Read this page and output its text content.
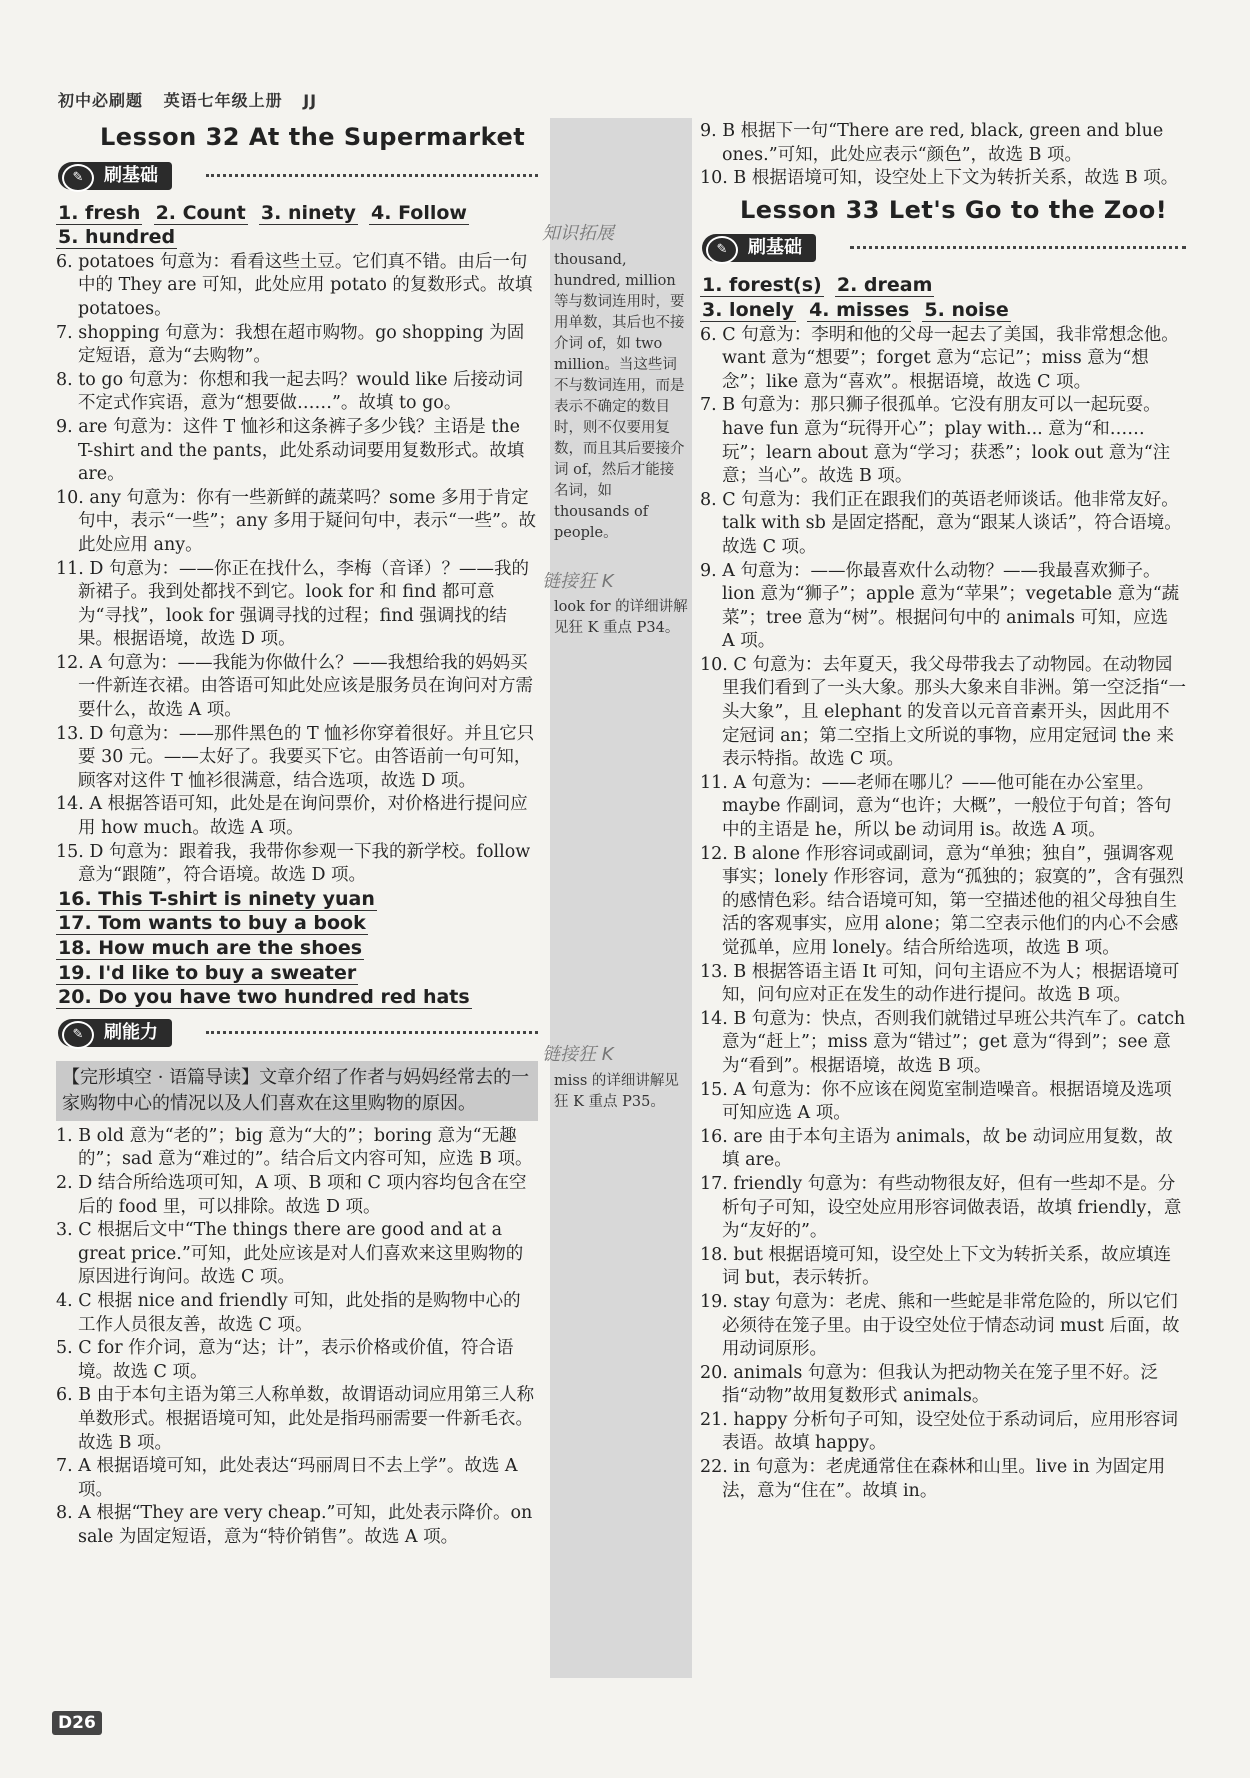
初中必刷题 英语七年级上册 JJ
Lesson 32 At the Supermarket
✎	刷基础
1. fresh 2. Count 3. ninety 4. Follow
5. hundred
6. potatoes 句意为：看看这些土豆。它们真不错。由后一句中的 They are 可知，此处应用 potato 的复数形式。故填 potatoes。
7. shopping 句意为：我想在超市购物。go shopping 为固定短语，意为“去购物”。
8. to go 句意为：你想和我一起去吗？would like 后接动词不定式作宾语，意为“想要做……”。故填 to go。
9. are 句意为：这件 T 恤衫和这条裤子多少钱？主语是 the T-shirt and the pants，此处系动词要用复数形式。故填 are。
10. any 句意为：你有一些新鲜的蔬菜吗？some 多用于肯定句中，表示“一些”；any 多用于疑问句中，表示“一些”。故此处应用 any。
11. D 句意为：——你正在找什么，李梅（音译）？——我的新裙子。我到处都找不到它。look for 和 find 都可意为“寻找”，look for 强调寻找的过程；find 强调找的结果。根据语境，故选 D 项。
12. A 句意为：——我能为你做什么？——我想给我的妈妈买一件新连衣裙。由答语可知此处应该是服务员在询问对方需要什么，故选 A 项。
13. D 句意为：——那件黑色的 T 恤衫你穿着很好。并且它只要 30 元。——太好了。我要买下它。由答语前一句可知，顾客对这件 T 恤衫很满意，结合选项，故选 D 项。
14. A 根据答语可知，此处是在询问票价，对价格进行提问应用 how much。故选 A 项。
15. D 句意为：跟着我，我带你参观一下我的新学校。follow 意为“跟随”，符合语境。故选 D 项。
16. This T-shirt is ninety yuan
17. Tom wants to buy a book
18. How much are the shoes
19. I'd like to buy a sweater
20. Do you have two hundred red hats
✎	刷能力
【完形填空 · 语篇导读】文章介绍了作者与妈妈经常去的一家购物中心的情况以及人们喜欢在这里购物的原因。
1. B old 意为“老的”；big 意为“大的”；boring 意为“无趣的”；sad 意为“难过的”。结合后文内容可知，应选 B 项。
2. D 结合所给选项可知，A 项、B 项和 C 项内容均包含在空后的 food 里，可以排除。故选 D 项。
3. C 根据后文中“The things there are good and at a great price.”可知，此处应该是对人们喜欢来这里购物的原因进行询问。故选 C 项。
4. C 根据 nice and friendly 可知，此处指的是购物中心的工作人员很友善，故选 C 项。
5. C for 作介词，意为“达；计”，表示价格或价值，符合语境。故选 C 项。
6. B 由于本句主语为第三人称单数，故谓语动词应用第三人称单数形式。根据语境可知，此处是指玛丽需要一件新毛衣。故选 B 项。
7. A 根据语境可知，此处表达“玛丽周日不去上学”。故选 A 项。
8. A 根据“They are very cheap.”可知，此处表示降价。on sale 为固定短语，意为“特价销售”。故选 A 项。
知识拓展
thousand, hundred, million 等与数词连用时，要用单数，其后也不接介词 of，如 two million。当这些词不与数词连用，而是表示不确定的数目时，则不仅要用复数，而且其后要接介词 of，然后才能接名词，如 thousands of people。
链接狂 K
look for 的详细讲解见狂 K 重点 P34。
链接狂 K
miss 的详细讲解见狂 K 重点 P35。
9. B 根据下一句“There are red, black, green and blue ones.”可知，此处应表示“颜色”，故选 B 项。
10. B 根据语境可知，设空处上下文为转折关系，故选 B 项。
Lesson 33 Let's Go to the Zoo!
✎	刷基础
1. forest(s) 2. dream
3. lonely 4. misses 5. noise
6. C 句意为：李明和他的父母一起去了美国，我非常想念他。want 意为“想要”；forget 意为“忘记”；miss 意为“想念”；like 意为“喜欢”。根据语境，故选 C 项。
7. B 句意为：那只狮子很孤单。它没有朋友可以一起玩耍。have fun 意为“玩得开心”；play with... 意为“和……玩”；learn about 意为“学习；获悉”；look out 意为“注意；当心”。故选 B 项。
8. C 句意为：我们正在跟我们的英语老师谈话。他非常友好。talk with sb 是固定搭配，意为“跟某人谈话”，符合语境。故选 C 项。
9. A 句意为：——你最喜欢什么动物？——我最喜欢狮子。lion 意为“狮子”；apple 意为“苹果”；vegetable 意为“蔬菜”；tree 意为“树”。根据问句中的 animals 可知，应选 A 项。
10. C 句意为：去年夏天，我父母带我去了动物园。在动物园里我们看到了一头大象。那头大象来自非洲。第一空泛指“一头大象”，且 elephant 的发音以元音音素开头，因此用不定冠词 an；第二空指上文所说的事物，应用定冠词 the 来表示特指。故选 C 项。
11. A 句意为：——老师在哪儿？——他可能在办公室里。maybe 作副词，意为“也许；大概”，一般位于句首；答句中的主语是 he，所以 be 动词用 is。故选 A 项。
12. B alone 作形容词或副词，意为“单独；独自”，强调客观事实；lonely 作形容词，意为“孤独的；寂寞的”，含有强烈的感情色彩。结合语境可知，第一空描述他的祖父母独自生活的客观事实，应用 alone；第二空表示他们的内心不会感觉孤单，应用 lonely。结合所给选项，故选 B 项。
13. B 根据答语主语 It 可知，问句主语应不为人；根据语境可知，问句应对正在发生的动作进行提问。故选 B 项。
14. B 句意为：快点，否则我们就错过早班公共汽车了。catch 意为“赶上”；miss 意为“错过”；get 意为“得到”；see 意为“看到”。根据语境，故选 B 项。
15. A 句意为：你不应该在阅览室制造噪音。根据语境及选项可知应选 A 项。
16. are 由于本句主语为 animals，故 be 动词应用复数，故填 are。
17. friendly 句意为：有些动物很友好，但有一些却不是。分析句子可知，设空处应用形容词做表语，故填 friendly，意为“友好的”。
18. but 根据语境可知，设空处上下文为转折关系，故应填连词 but，表示转折。
19. stay 句意为：老虎、熊和一些蛇是非常危险的，所以它们必须待在笼子里。由于设空处位于情态动词 must 后面，故用动词原形。
20. animals 句意为：但我认为把动物关在笼子里不好。泛指“动物”故用复数形式 animals。
21. happy 分析句子可知，设空处位于系动词后，应用形容词表语。故填 happy。
22. in 句意为：老虎通常住在森林和山里。live in 为固定用法，意为“住在”。故填 in。
D26
